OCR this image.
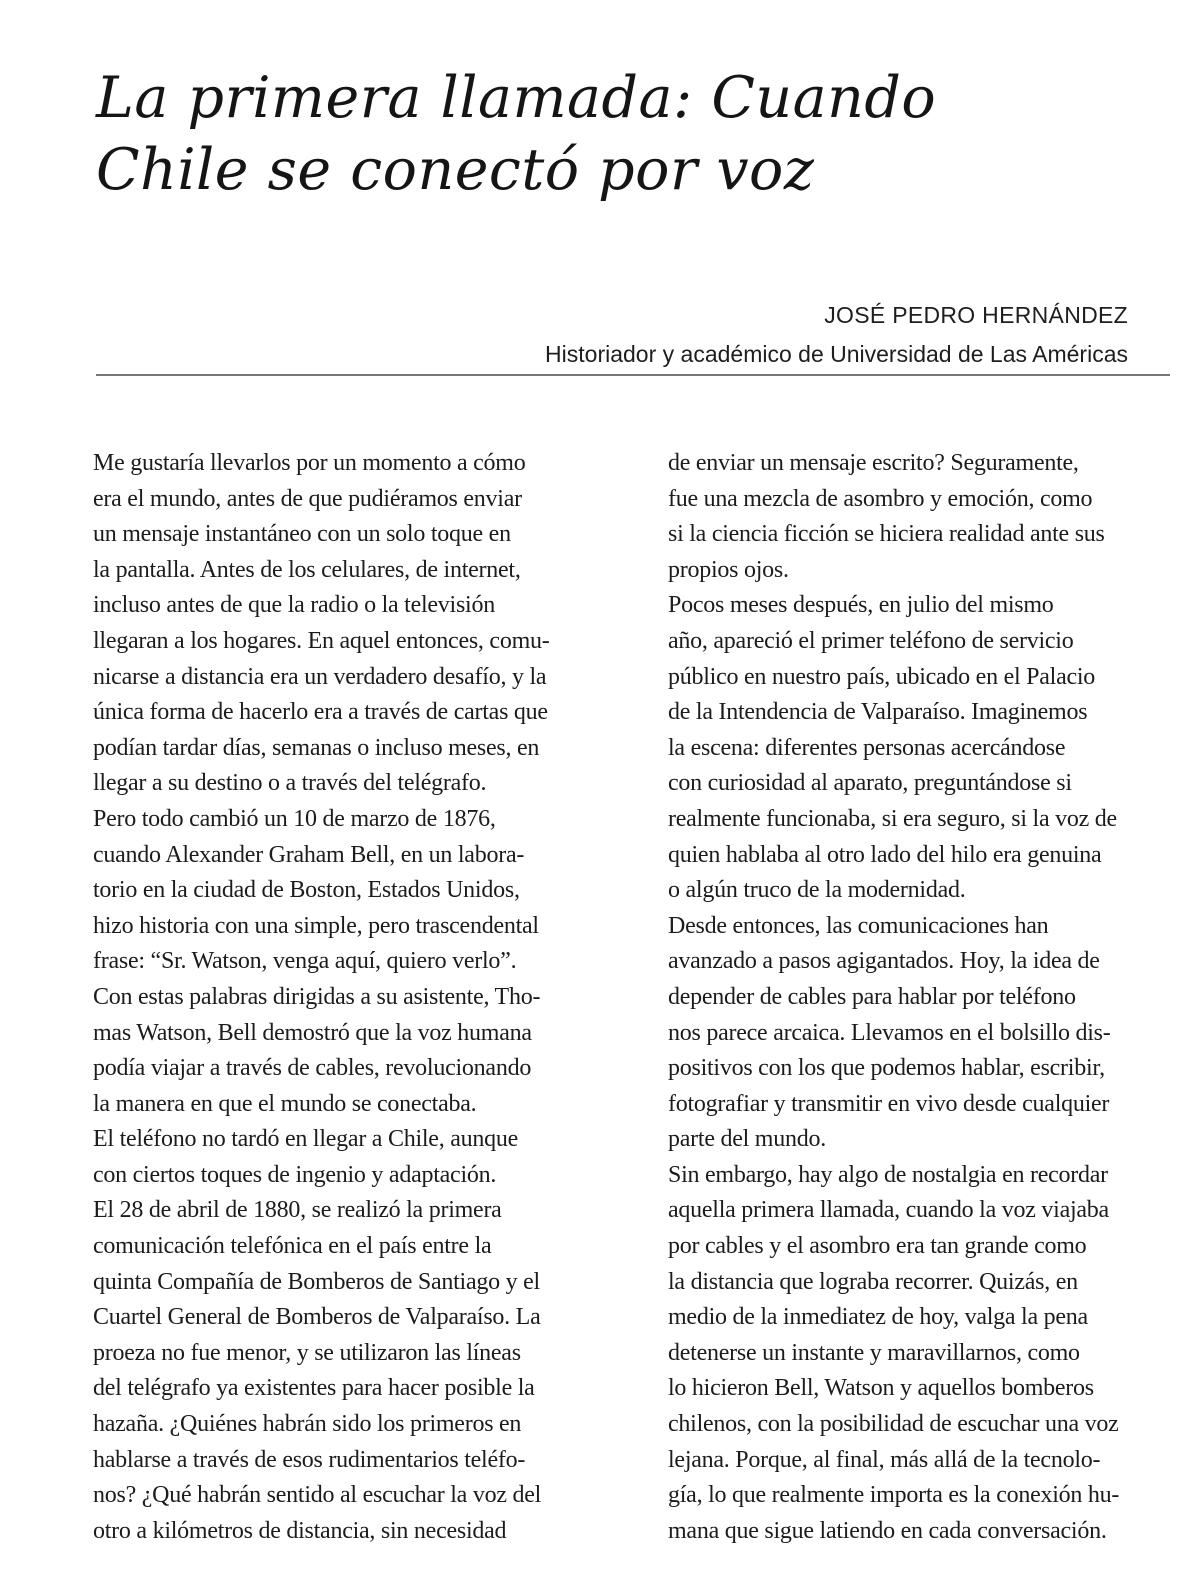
La primera llamada: Cuando
Chile se conectó por voz
JOSÉ PEDRO HERNÁNDEZ
Historiador y académico de Universidad de Las Américas
Me gustaría llevarlos por un momento a cómo
era el mundo, antes de que pudiéramos enviar
un mensaje instantáneo con un solo toque en
la pantalla. Antes de los celulares, de internet,
incluso antes de que la radio o la televisión
llegaran a los hogares. En aquel entonces, comu-
nicarse a distancia era un verdadero desafío, y la
única forma de hacerlo era a través de cartas que
podían tardar días, semanas o incluso meses, en
llegar a su destino o a través del telégrafo.
Pero todo cambió un 10 de marzo de 1876,
cuando Alexander Graham Bell, en un labora-
torio en la ciudad de Boston, Estados Unidos,
hizo historia con una simple, pero trascendental
frase: “Sr. Watson, venga aquí, quiero verlo”.
Con estas palabras dirigidas a su asistente, Tho-
mas Watson, Bell demostró que la voz humana
podía viajar a través de cables, revolucionando
la manera en que el mundo se conectaba.
El teléfono no tardó en llegar a Chile, aunque
con ciertos toques de ingenio y adaptación.
El 28 de abril de 1880, se realizó la primera
comunicación telefónica en el país entre la
quinta Compañía de Bomberos de Santiago y el
Cuartel General de Bomberos de Valparaíso. La
proeza no fue menor, y se utilizaron las líneas
del telégrafo ya existentes para hacer posible la
hazaña. ¿Quiénes habrán sido los primeros en
hablarse a través de esos rudimentarios teléfo-
nos? ¿Qué habrán sentido al escuchar la voz del
otro a kilómetros de distancia, sin necesidad
de enviar un mensaje escrito? Seguramente,
fue una mezcla de asombro y emoción, como
si la ciencia ficción se hiciera realidad ante sus
propios ojos.
Pocos meses después, en julio del mismo
año, apareció el primer teléfono de servicio
público en nuestro país, ubicado en el Palacio
de la Intendencia de Valparaíso. Imaginemos
la escena: diferentes personas acercándose
con curiosidad al aparato, preguntándose si
realmente funcionaba, si era seguro, si la voz de
quien hablaba al otro lado del hilo era genuina
o algún truco de la modernidad.
Desde entonces, las comunicaciones han
avanzado a pasos agigantados. Hoy, la idea de
depender de cables para hablar por teléfono
nos parece arcaica. Llevamos en el bolsillo dis-
positivos con los que podemos hablar, escribir,
fotografiar y transmitir en vivo desde cualquier
parte del mundo.
Sin embargo, hay algo de nostalgia en recordar
aquella primera llamada, cuando la voz viajaba
por cables y el asombro era tan grande como
la distancia que lograba recorrer. Quizás, en
medio de la inmediatez de hoy, valga la pena
detenerse un instante y maravillarnos, como
lo hicieron Bell, Watson y aquellos bomberos
chilenos, con la posibilidad de escuchar una voz
lejana. Porque, al final, más allá de la tecnolo-
gía, lo que realmente importa es la conexión hu-
mana que sigue latiendo en cada conversación.
